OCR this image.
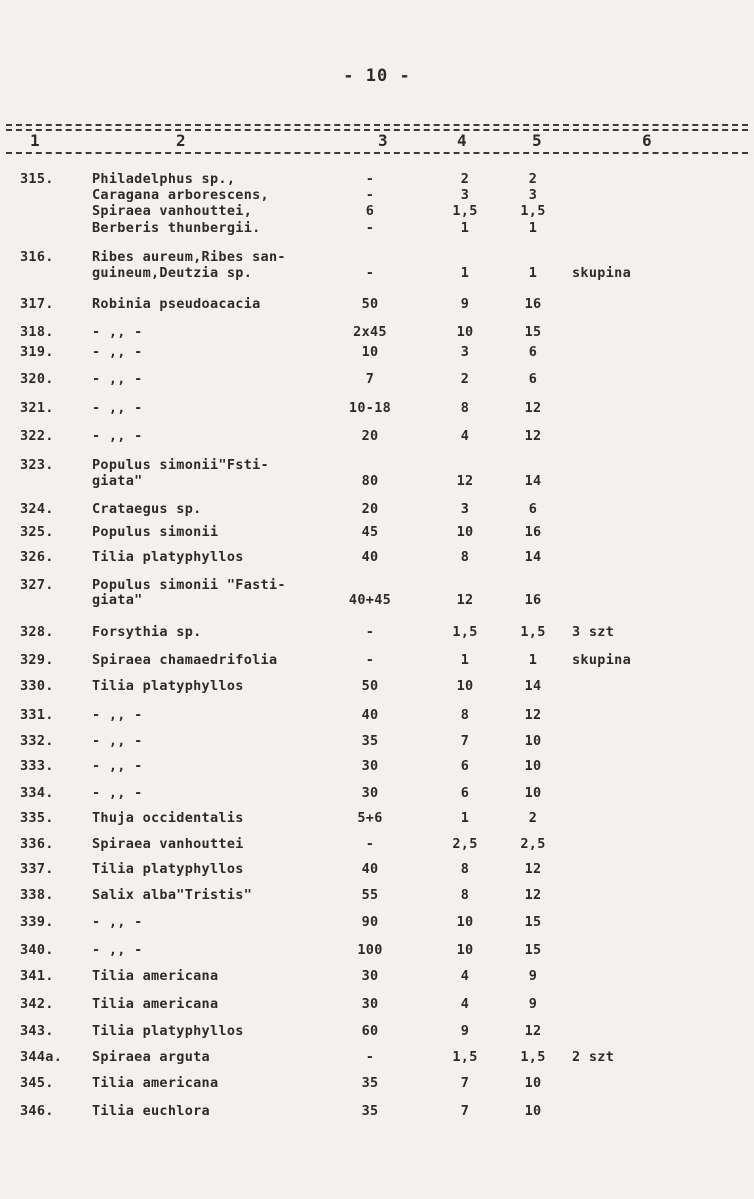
- 10 -
1	2	3	4	5	6
315.	Philadelphus sp.,	-	2	2
Caragana arborescens,	-	3	3
Spiraea vanhouttei,	6	1,5	1,5
Berberis thunbergii.	-	1	1
316.	Ribes aureum,Ribes san-
guineum,Deutzia sp.	-	1	1	skupina
317.	Robinia pseudoacacia	50	9	16
318.	- ,, -	2x45	10	15
319.	- ,, -	10	3	6
320.	- ,, -	7	2	6
321.	- ,, -	10-18	8	12
322.	- ,, -	20	4	12
323.	Populus simonii"Fsti-
giata"	80	12	14
324.	Crataegus sp.	20	3	6
325.	Populus simonii	45	10	16
326.	Tilia platyphyllos	40	8	14
327.	Populus simonii "Fasti-
giata"	40+45	12	16
328.	Forsythia sp.	-	1,5	1,5	3 szt
329.	Spiraea chamaedrifolia	-	1	1	skupina
330.	Tilia platyphyllos	50	10	14
331.	- ,, -	40	8	12
332.	- ,, -	35	7	10
333.	- ,, -	30	6	10
334.	- ,, -	30	6	10
335.	Thuja occidentalis	5+6	1	2
336.	Spiraea vanhouttei	-	2,5	2,5
337.	Tilia platyphyllos	40	8	12
338.	Salix alba"Tristis"	55	8	12
339.	- ,, -	90	10	15
340.	- ,, -	100	10	15
341.	Tilia americana	30	4	9
342.	Tilia americana	30	4	9
343.	Tilia platyphyllos	60	9	12
344a. Spiraea arguta	-	1,5	1,5	2 szt
345.	Tilia americana	35	7	10
346.	Tilia euchlora	35	7	10
